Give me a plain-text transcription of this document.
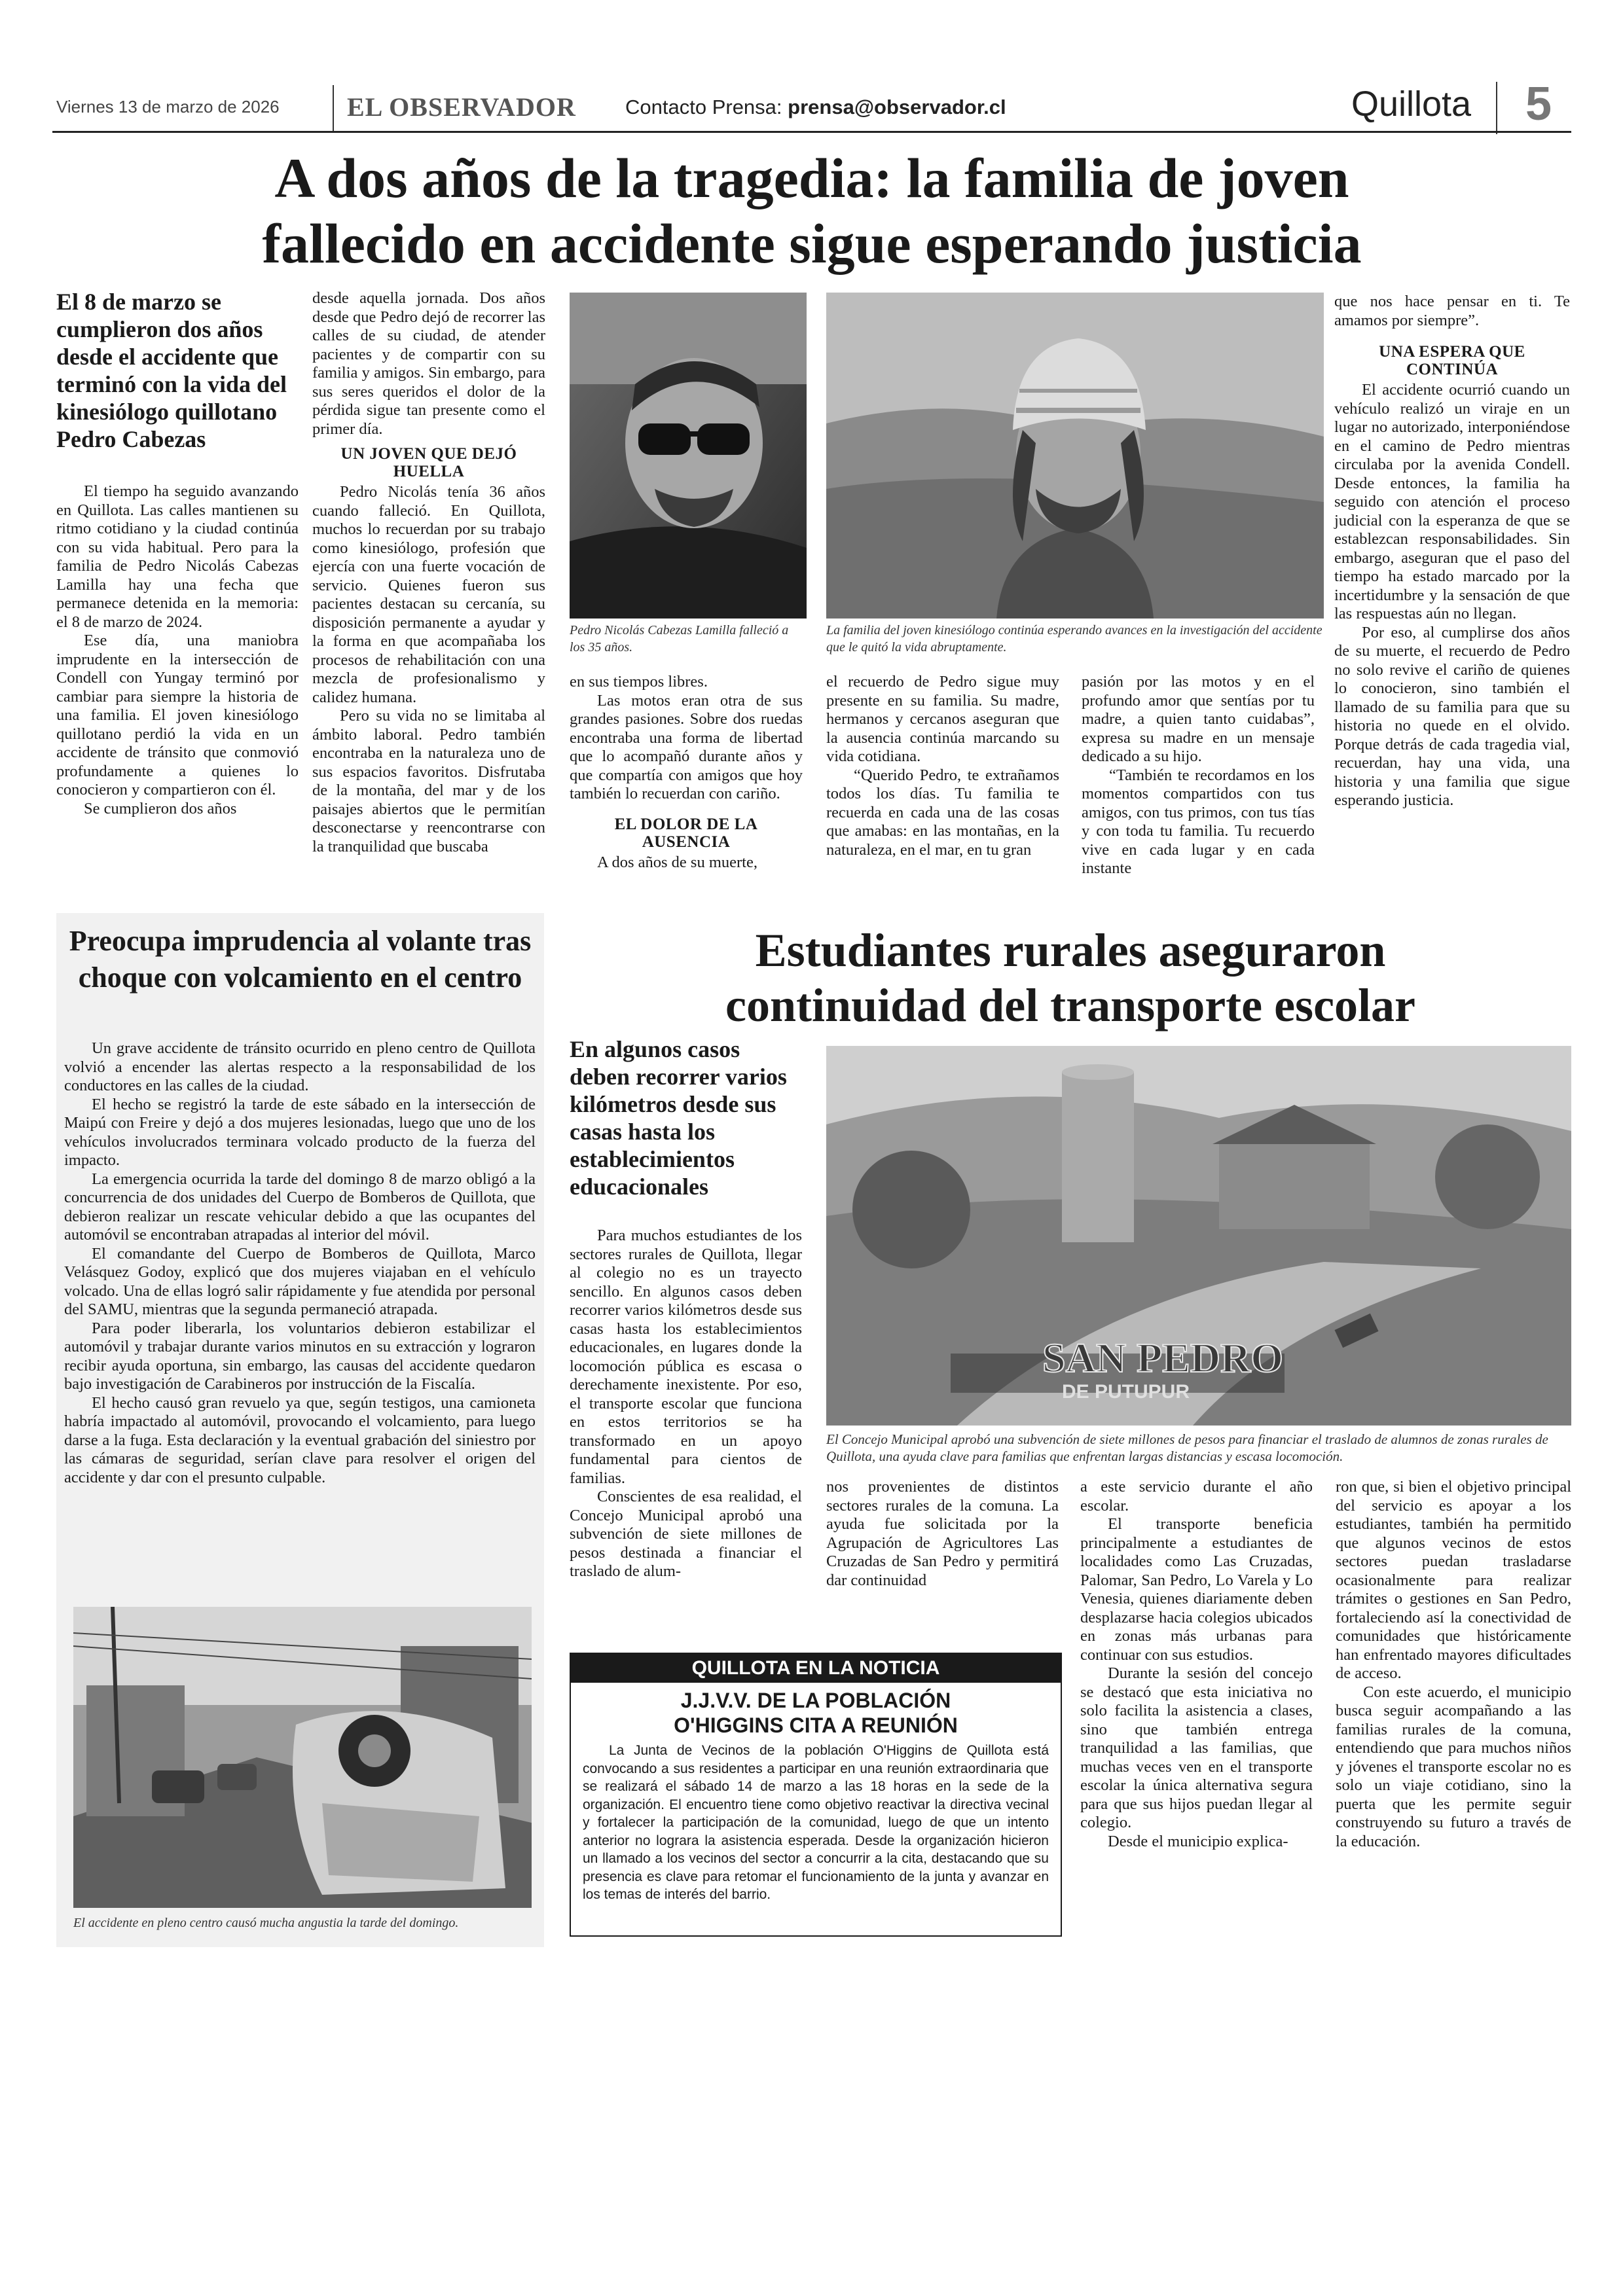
Viernes 13 de marzo de 2026	EL OBSERVADOR Contacto Prensa: prensa@observador.cl	Quillota 5
A dos años de la tragedia: la familia de joven
fallecido en accidente sigue esperando justicia
El 8 de marzo se cumplieron dos años desde el accidente que terminó con la vida del kinesiólogo quillotano Pedro Cabezas

El tiempo ha seguido avanzando en Quillota. Las calles mantienen su ritmo cotidiano y la ciudad continúa con su vida habitual. Pero para la familia de Pedro Nicolás Cabezas Lamilla hay una fecha que permanece detenida en la memoria: el 8 de marzo de 2024.

Ese día, una maniobra imprudente en la intersección de Condell con Yungay terminó por cambiar para siempre la historia de una familia. El joven kinesiólogo quillotano perdió la vida en un accidente de tránsito que conmovió profundamente a quienes lo conocieron y compartieron con él.

Se cumplieron dos años

desde aquella jornada. Dos años desde que Pedro dejó de recorrer las calles de su ciudad, de atender pacientes y de compartir con su familia y amigos. Sin embargo, para sus seres queridos el dolor de la pérdida sigue tan presente como el primer día.

UN JOVEN QUE DEJÓ HUELLA

Pedro Nicolás tenía 36 años cuando falleció. En Quillota, muchos lo recuerdan por su trabajo como kinesiólogo, profesión que ejercía con una fuerte vocación de servicio. Quienes fueron sus pacientes destacan su cercanía, su disposición permanente a ayudar y la forma en que acompañaba los procesos de rehabilitación con una mezcla de profesionalismo y calidez humana.

Pero su vida no se limitaba al ámbito laboral. Pedro también encontraba en la naturaleza uno de sus espacios favoritos. Disfrutaba de la montaña, del mar y de los paisajes abiertos que le permitían desconectarse y reencontrarse con la tranquilidad que buscaba

Pedro Nicolás Cabezas Lamilla falleció a los 35 años.
La familia del joven kinesiólogo continúa esperando avances en la investigación del accidente que le quitó la vida abruptamente.

en sus tiempos libres.

Las motos eran otra de sus grandes pasiones. Sobre dos ruedas encontraba una forma de libertad que lo acompañó durante años y que compartía con amigos que hoy también lo recuerdan con cariño.

EL DOLOR DE LA AUSENCIA

A dos años de su muerte,

el recuerdo de Pedro sigue muy presente en su familia. Su madre, hermanos y cercanos aseguran que la ausencia continúa marcando su vida cotidiana.

“Querido Pedro, te extrañamos todos los días. Tu familia te recuerda en cada una de las cosas que amabas: en las montañas, en la naturaleza, en el mar, en tu gran

pasión por las motos y en el profundo amor que sentías por tu madre, a quien tanto cuidabas”, expresa su madre en un mensaje dedicado a su hijo.

“También te recordamos en los momentos compartidos con tus amigos, con tus primos, con tus tías y con toda tu familia. Tu recuerdo vive en cada lugar y en cada instante

que nos hace pensar en ti. Te amamos por siempre”.

UNA ESPERA QUE CONTINÚA

El accidente ocurrió cuando un vehículo realizó un viraje en un lugar no autorizado, interponiéndose en el camino de Pedro mientras circulaba por la avenida Condell. Desde entonces, la familia ha seguido con atención el proceso judicial con la esperanza de que se establezcan responsabilidades. Sin embargo, aseguran que el paso del tiempo ha estado marcado por la incertidumbre y la sensación de que las respuestas aún no llegan.

Por eso, al cumplirse dos años de su muerte, el recuerdo de Pedro no solo revive el cariño de quienes lo conocieron, sino también el llamado de su familia para que su historia no quede en el olvido. Porque detrás de cada tragedia vial, recuerdan, hay una vida, una historia y una familia que sigue esperando justicia.

Preocupa imprudencia al volante tras choque con volcamiento en el centro

Un grave accidente de tránsito ocurrido en pleno centro de Quillota volvió a encender las alertas respecto a la responsabilidad de los conductores en las calles de la ciudad.

El hecho se registró la tarde de este sábado en la intersección de Maipú con Freire y dejó a dos mujeres lesionadas, luego que uno de los vehículos involucrados terminara volcado producto de la fuerza del impacto.

La emergencia ocurrida la tarde del domingo 8 de marzo obligó a la concurrencia de dos unidades del Cuerpo de Bomberos de Quillota, que debieron realizar un rescate vehicular debido a que las ocupantes del automóvil se encontraban atrapadas al interior del móvil.

El comandante del Cuerpo de Bomberos de Quillota, Marco Velásquez Godoy, explicó que dos mujeres viajaban en el vehículo volcado. Una de ellas logró salir rápidamente y fue atendida por personal del SAMU, mientras que la segunda permaneció atrapada.

Para poder liberarla, los voluntarios debieron estabilizar el automóvil y trabajar durante varios minutos en su extracción y lograron recibir ayuda oportuna, sin embargo, las causas del accidente quedaron bajo investigación de Carabineros por instrucción de la Fiscalía.

El hecho causó gran revuelo ya que, según testigos, una camioneta habría impactado al automóvil, provocando el volcamiento, para luego darse a la fuga. Esta declaración y la eventual grabación del siniestro por las cámaras de seguridad, serían clave para resolver el origen del accidente y dar con el presunto culpable.

El accidente en pleno centro causó mucha angustia la tarde del domingo.
Estudiantes rurales aseguraron
continuidad del transporte escolar
En algunos casos deben recorrer varios kilómetros desde sus casas hasta los establecimientos educacionales

Para muchos estudiantes de los sectores rurales de Quillota, llegar al colegio no es un trayecto sencillo. En algunos casos deben recorrer varios kilómetros desde sus casas hasta los establecimientos educacionales, en lugares donde la locomoción pública es escasa o derechamente inexistente. Por eso, el transporte escolar que funciona en estos territorios se ha transformado en un apoyo fundamental para cientos de familias.

Conscientes de esa realidad, el Concejo Municipal aprobó una subvención de siete millones de pesos destinada a financiar el traslado de alum-

SAN PEDRO
DE PUTUPUR
El Concejo Municipal aprobó una subvención de siete millones de pesos para financiar el traslado de alumnos de zonas rurales de Quillota, una ayuda clave para familias que enfrentan largas distancias y escasa locomoción.

nos provenientes de distintos sectores rurales de la comuna. La ayuda fue solicitada por la Agrupación de Agricultores Las Cruzadas de San Pedro y permitirá dar continuidad

a este servicio durante el año escolar.

El transporte beneficia principalmente a estudiantes de localidades como Las Cruzadas, Palomar, San Pedro, Lo Varela y Lo Venesia, quienes diariamente deben desplazarse hacia colegios ubicados en zonas más urbanas para continuar con sus estudios.

Durante la sesión del concejo se destacó que esta iniciativa no solo facilita la asistencia a clases, sino que también entrega tranquilidad a las familias, que muchas veces ven en el transporte escolar la única alternativa segura para que sus hijos puedan llegar al colegio.

Desde el municipio explica-

ron que, si bien el objetivo principal del servicio es apoyar a los estudiantes, también ha permitido que algunos vecinos de estos sectores puedan trasladarse ocasionalmente para realizar trámites o gestiones en San Pedro, fortaleciendo así la conectividad de comunidades que históricamente han enfrentado mayores dificultades de acceso.

Con este acuerdo, el municipio busca seguir acompañando a las familias rurales de la comuna, entendiendo que para muchos niños y jóvenes el transporte escolar no es solo un viaje cotidiano, sino la puerta que les permite seguir construyendo su futuro a través de la educación.

QUILLOTA EN LA NOTICIA
J.J.V.V. DE LA POBLACIÓN
O'HIGGINS CITA A REUNIÓN
La Junta de Vecinos de la población O'Higgins de Quillota está convocando a sus residentes a participar en una reunión extraordinaria que se realizará el sábado 14 de marzo a las 18 horas en la sede de la organización. El encuentro tiene como objetivo reactivar la directiva vecinal y fortalecer la participación de la comunidad, luego de que un intento anterior no lograra la asistencia esperada. Desde la organización hicieron un llamado a los vecinos del sector a concurrir a la cita, destacando que su presencia es clave para retomar el funcionamiento de la junta y avanzar en los temas de interés del barrio.
